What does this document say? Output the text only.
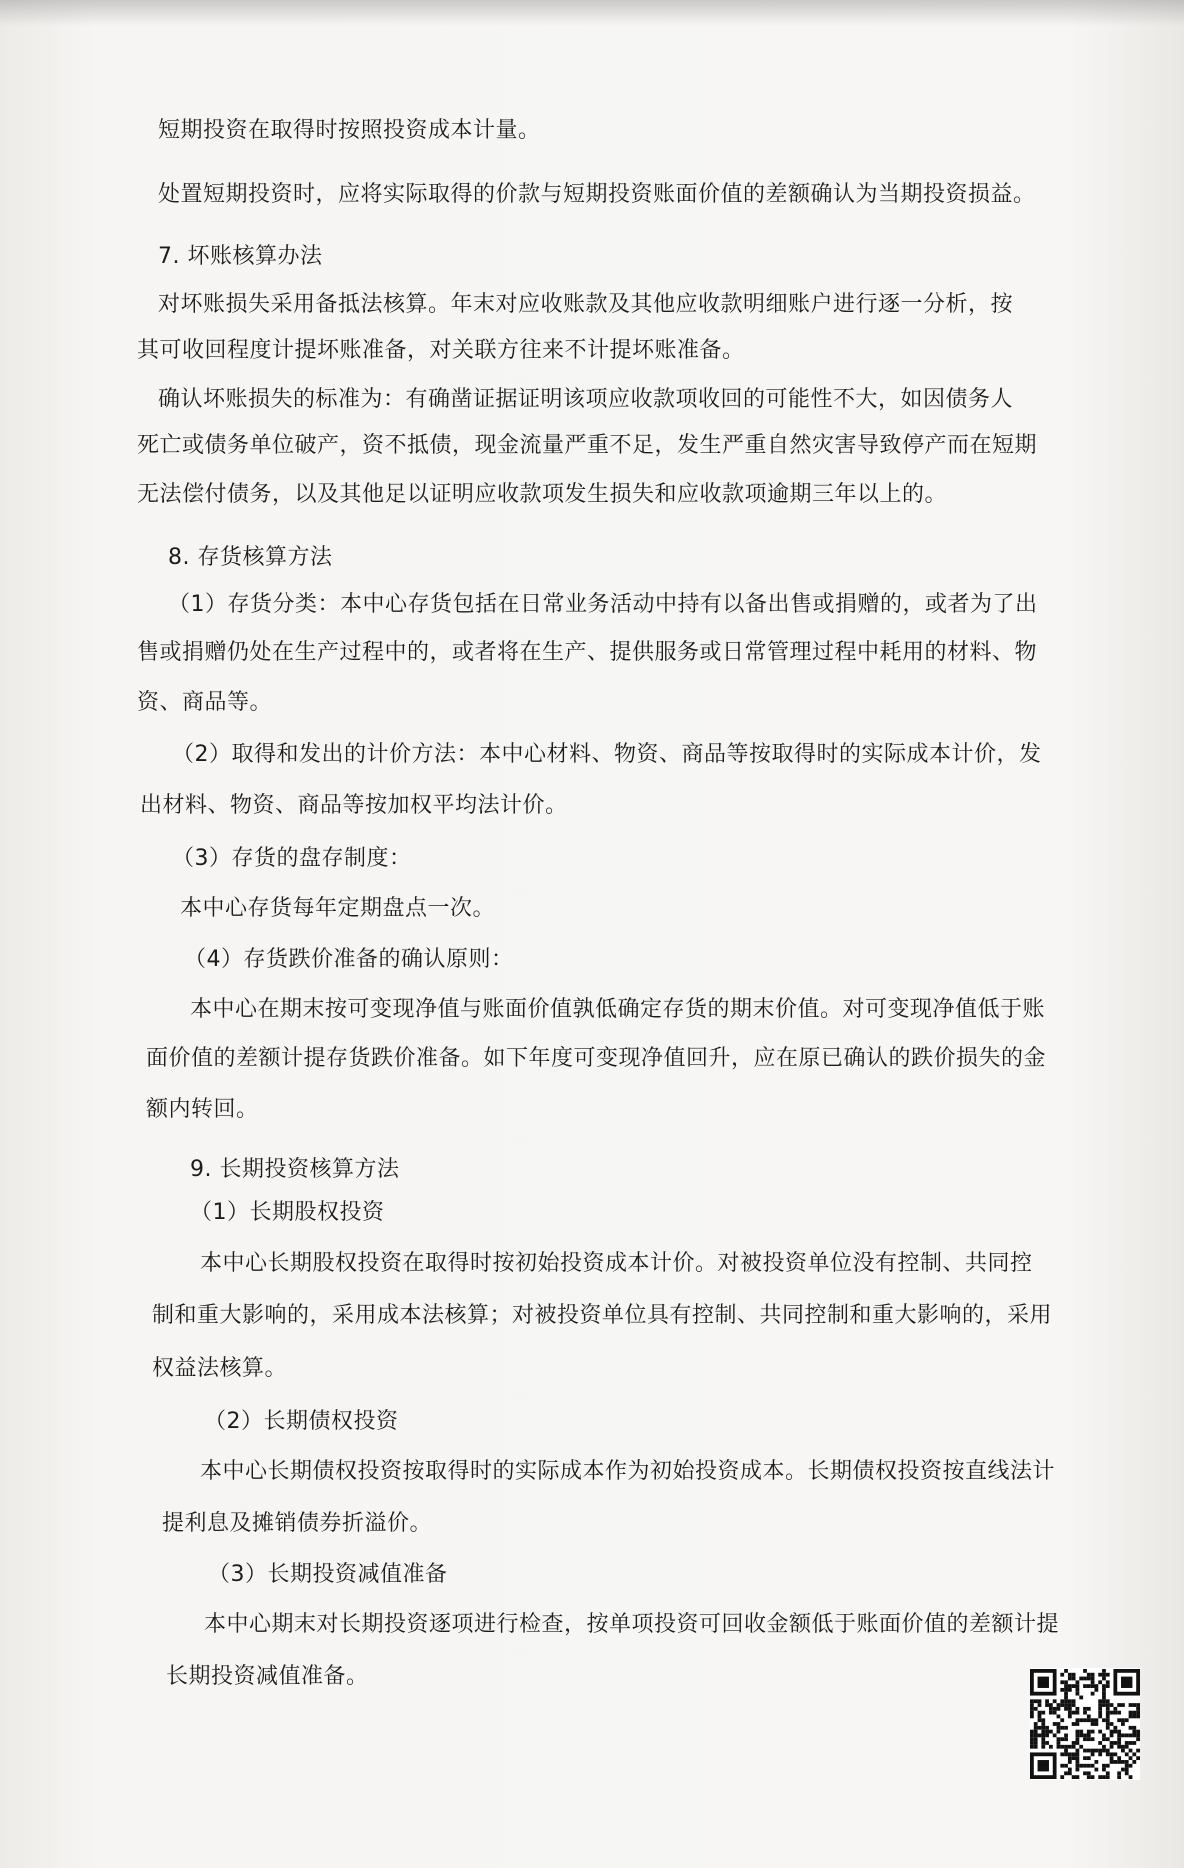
短期投资在取得时按照投资成本计量。
处置短期投资时，应将实际取得的价款与短期投资账面价值的差额确认为当期投资损益。
7. 坏账核算办法
对坏账损失采用备抵法核算。年末对应收账款及其他应收款明细账户进行逐一分析，按
其可收回程度计提坏账准备，对关联方往来不计提坏账准备。
确认坏账损失的标准为：有确凿证据证明该项应收款项收回的可能性不大，如因债务人
死亡或债务单位破产，资不抵债，现金流量严重不足，发生严重自然灾害导致停产而在短期
无法偿付债务，以及其他足以证明应收款项发生损失和应收款项逾期三年以上的。
8. 存货核算方法
（1）存货分类：本中心存货包括在日常业务活动中持有以备出售或捐赠的，或者为了出
售或捐赠仍处在生产过程中的，或者将在生产、提供服务或日常管理过程中耗用的材料、物
资、商品等。
（2）取得和发出的计价方法：本中心材料、物资、商品等按取得时的实际成本计价，发
出材料、物资、商品等按加权平均法计价。
（3）存货的盘存制度：
本中心存货每年定期盘点一次。
（4）存货跌价准备的确认原则：
本中心在期末按可变现净值与账面价值孰低确定存货的期末价值。对可变现净值低于账
面价值的差额计提存货跌价准备。如下年度可变现净值回升，应在原已确认的跌价损失的金
额内转回。
9. 长期投资核算方法
（1）长期股权投资
本中心长期股权投资在取得时按初始投资成本计价。对被投资单位没有控制、共同控
制和重大影响的，采用成本法核算；对被投资单位具有控制、共同控制和重大影响的，采用
权益法核算。
（2）长期债权投资
本中心长期债权投资按取得时的实际成本作为初始投资成本。长期债权投资按直线法计
提利息及摊销债券折溢价。
（3）长期投资减值准备
本中心期末对长期投资逐项进行检查，按单项投资可回收金额低于账面价值的差额计提
长期投资减值准备。
